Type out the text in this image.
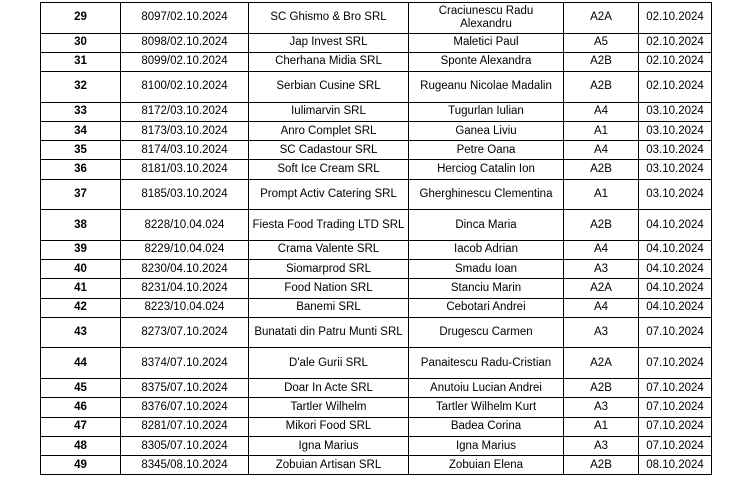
29	8097/02.10.2024	SC Ghismo & Bro SRL	Craciunescu Radu Alexandru	A2A	02.10.2024
30	8098/02.10.2024	Jap Invest SRL	Maletici Paul	A5	02.10.2024
31	8099/02.10.2024	Cherhana Midia SRL	Sponte Alexandra	A2B	02.10.2024
32	8100/02.10.2024	Serbian Cusine SRL	Rugeanu Nicolae Madalin	A2B	02.10.2024
33	8172/03.10.2024	Iulimarvin SRL	Tugurlan Iulian	A4	03.10.2024
34	8173/03.10.2024	Anro Complet SRL	Ganea Liviu	A1	03.10.2024
35	8174/03.10.2024	SC Cadastour SRL	Petre Oana	A4	03.10.2024
36	8181/03.10.2024	Soft Ice Cream SRL	Herciog Catalin Ion	A2B	03.10.2024
37	8185/03.10.2024	Prompt Activ Catering SRL	Gherghinescu Clementina	A1	03.10.2024
38	8228/10.04.024	Fiesta Food Trading LTD SRL	Dinca Maria	A2B	04.10.2024
39	8229/10.04.024	Crama Valente SRL	Iacob Adrian	A4	04.10.2024
40	8230/04.10.2024	Siomarprod SRL	Smadu Ioan	A3	04.10.2024
41	8231/04.10.2024	Food Nation SRL	Stanciu Marin	A2A	04.10.2024
42	8223/10.04.024	Banemi SRL	Cebotari Andrei	A4	04.10.2024
43	8273/07.10.2024	Bunatati din Patru Munti SRL	Drugescu Carmen	A3	07.10.2024
44	8374/07.10.2024	D'ale Gurii SRL	Panaitescu Radu-Cristian	A2A	07.10.2024
45	8375/07.10.2024	Doar In Acte SRL	Anutoiu Lucian Andrei	A2B	07.10.2024
46	8376/07.10.2024	Tartler Wilhelm	Tartler Wilhelm Kurt	A3	07.10.2024
47	8281/07.10.2024	Mikori Food SRL	Badea Corina	A1	07.10.2024
48	8305/07.10.2024	Igna Marius	Igna Marius	A3	07.10.2024
49	8345/08.10.2024	Zobuian Artisan SRL	Zobuian Elena	A2B	08.10.2024
